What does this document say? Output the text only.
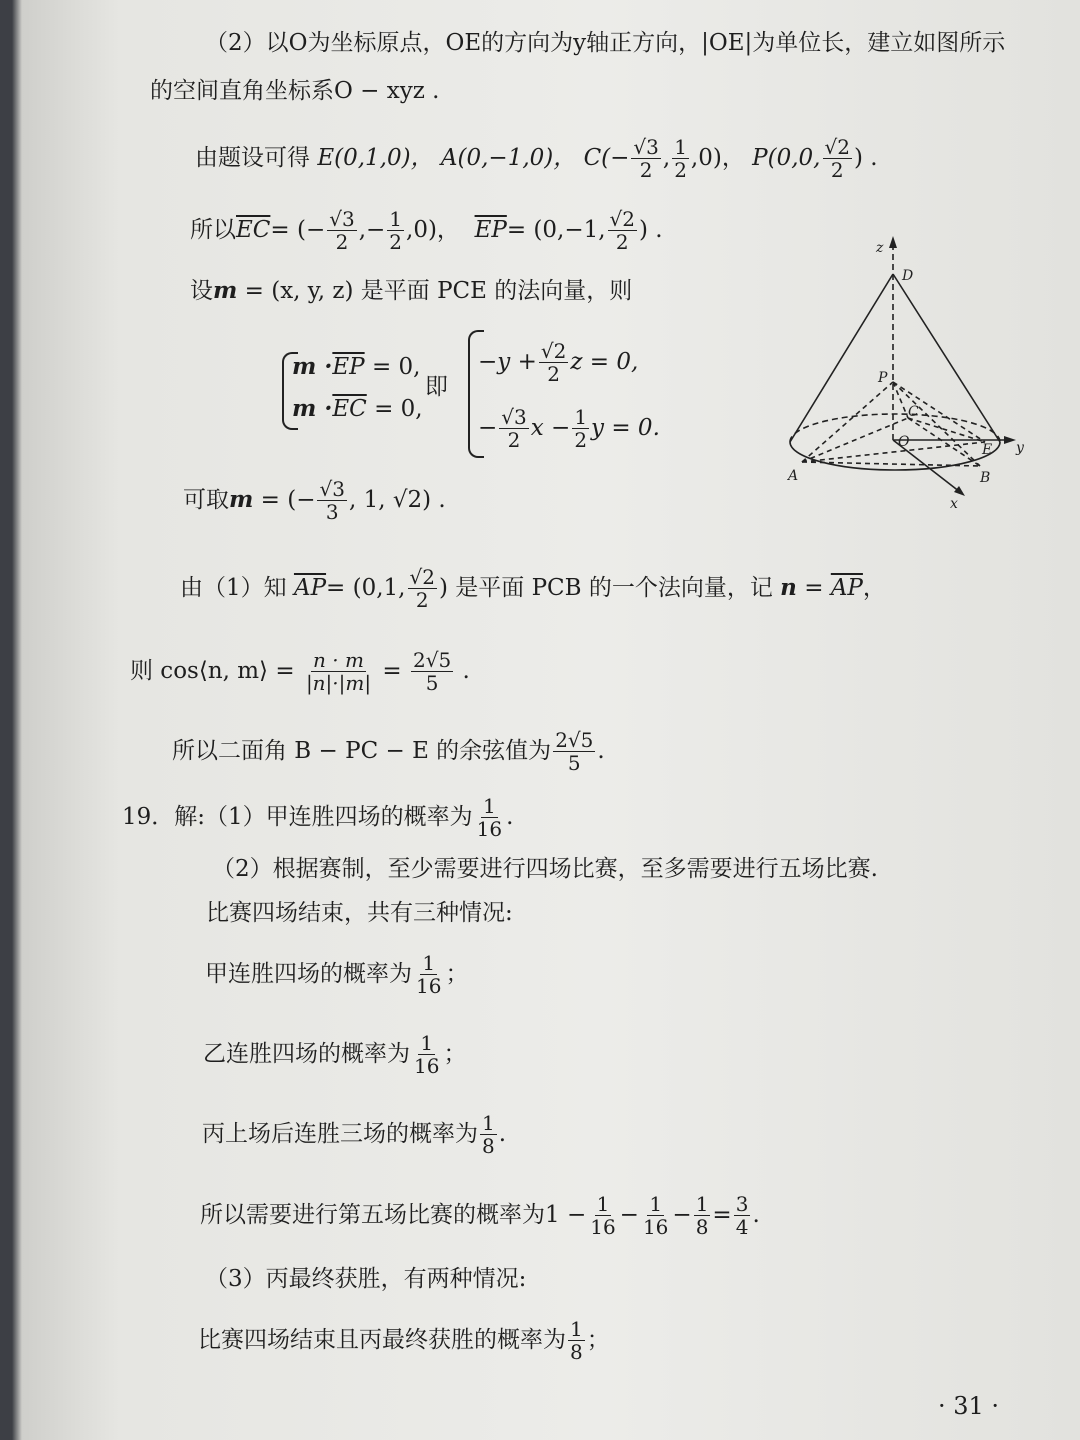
（2）以O为坐标原点，OE的方向为y轴正方向，|OE|为单位长，建立如图所示
的空间直角坐标系O − xyz .
由题设可得
E(0,1,0)，
A(0,−1,0)，
$C(- \frac{√3}{2}$ , $\frac{1}{2} ,0$)，
P(0,0, $\frac{√2}{2}$ ) .
所以 $\overline{EC}$ = (− $\frac{√3}{2}$ ,− $\frac{1}{2} ,0$)，
$\overline{EP} = (0,-1$, $\frac{√2}{2}$ ) .
设 m
= (x, y, z) 是平面 PCE 的法向量，则
$m \cdot \overline{EP}$
= 0,
$m \cdot \overline{EC}$
= 0,
即
$-y + \frac{√2}{2}$ z = 0,
− $\frac{√3}{2}$ $x - \frac{1}{2}$ y = 0.
可取 m
= (− $\frac{√3}{3}$ , 1, √2) .
由（1）知
$\overline{AP} = (0,1$, $\frac{√2}{2}$ ) 是平面 PCB 的一个法向量，记
n
=
$\overline{AP}$ ，
则 cos⟨n, m⟩ =
$\frac{n \cdot m}{|n|\cdot|m|}$
=
$\frac{2√5}{5}$
.
所以二面角 B − PC − E 的余弦值为 $\frac{2√5}{5}$ .
19．解:（1）甲连胜四场的概率为 $\frac{1}{16}$ .
（2）根据赛制，至少需要进行四场比赛，至多需要进行五场比赛.
比赛四场结束，共有三种情况:
甲连胜四场的概率为 $\frac{1}{16}$ ；
乙连胜四场的概率为 $\frac{1}{16}$ ；
丙上场后连胜三场的概率为 $\frac{1}{8}$ .
所以需要进行第五场比赛的概率为 $1 - \frac{1}{16} - \frac{1}{16} - \frac{1}{8} = \frac{3}{4}$ .
（3）丙最终获胜，有两种情况:
比赛四场结束且丙最终获胜的概率为 $\frac{1}{8}$ ；
· 31 ·
z
D
P
C
O	E y
A	B
x
